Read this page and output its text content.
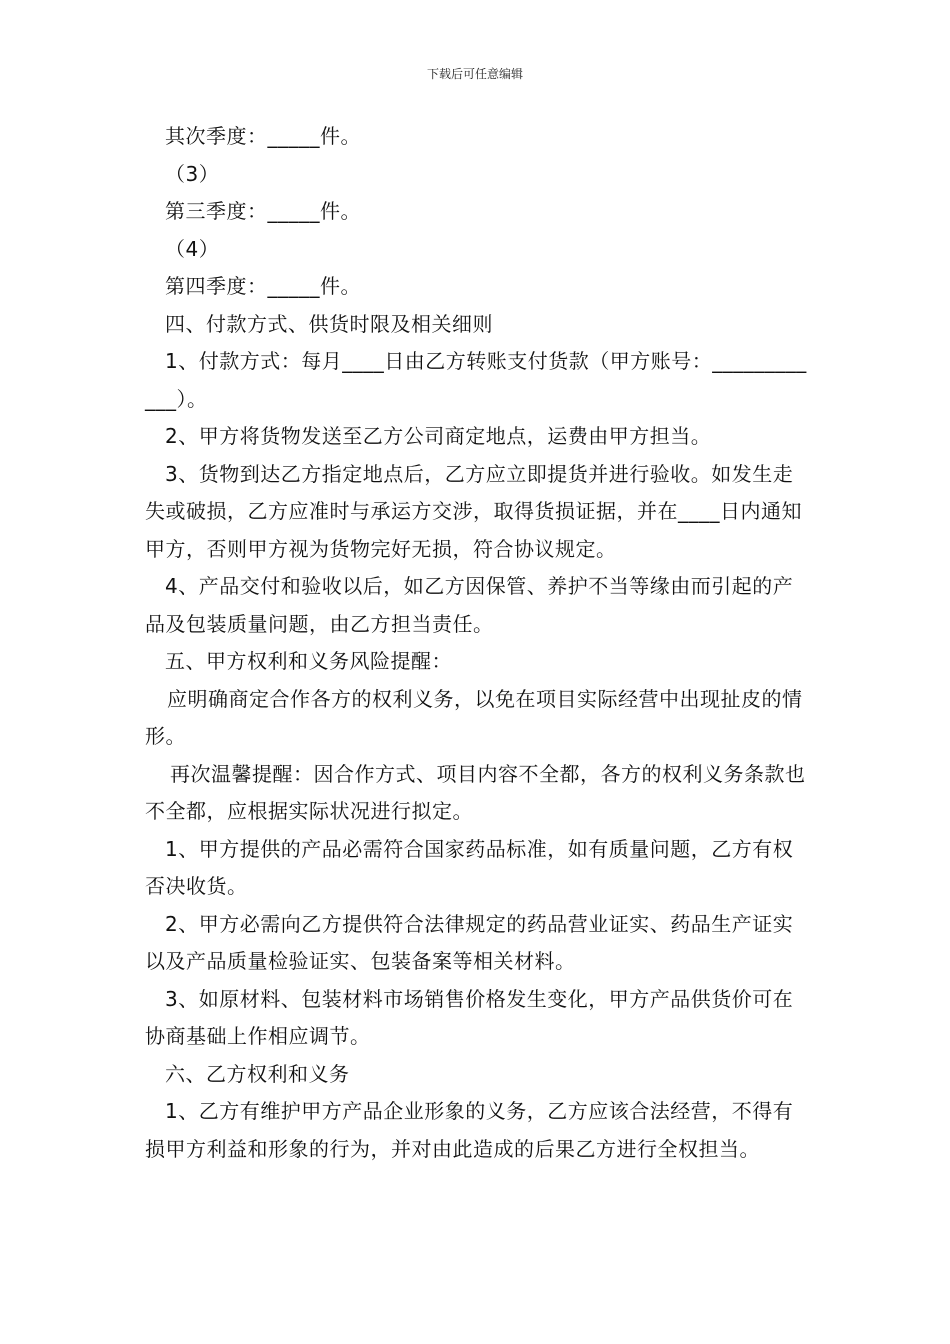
下载后可任意编辑

其次季度：_____件。

（3）

第三季度：_____件。

（4）

第四季度：_____件。

四、付款方式、供货时限及相关细则

1、付款方式：每月____日由乙方转账支付货款（甲方账号：____________）。

2、甲方将货物发送至乙方公司商定地点，运费由甲方担当。

3、货物到达乙方指定地点后，乙方应立即提货并进行验收。如发生走失或破损，乙方应准时与承运方交涉，取得货损证据，并在____日内通知甲方，否则甲方视为货物完好无损，符合协议规定。

4、产品交付和验收以后，如乙方因保管、养护不当等缘由而引起的产品及包装质量问题，由乙方担当责任。

五、甲方权利和义务风险提醒：

应明确商定合作各方的权利义务，以免在项目实际经营中出现扯皮的情形。

再次温馨提醒：因合作方式、项目内容不全都，各方的权利义务条款也不全都，应根据实际状况进行拟定。

1、甲方提供的产品必需符合国家药品标准，如有质量问题，乙方有权否决收货。

2、甲方必需向乙方提供符合法律规定的药品营业证实、药品生产证实以及产品质量检验证实、包装备案等相关材料。

3、如原材料、包装材料市场销售价格发生变化，甲方产品供货价可在协商基础上作相应调节。

六、乙方权利和义务

1、乙方有维护甲方产品企业形象的义务，乙方应该合法经营，不得有损甲方利益和形象的行为，并对由此造成的后果乙方进行全权担当。
